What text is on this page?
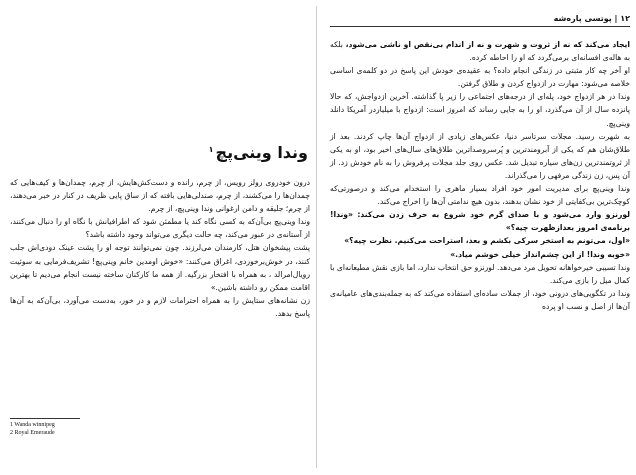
۱۲ | پوتسی پاره‌شه

ایجاد می‌کند که نه از ثروت و شهرت و نه از اندام بی‌نقص او ناشی می‌شود، بلکه به هاله‌ی افسانه‌ای برمی‌گردد که او را احاطه کرده.

او آخر چه کار مثبتی در زندگی انجام داده؟ به عقیده‌ی خودش این پاسخ در دو کلمه‌ی اساسی خلاصه می‌شود: مهارت در ازدواج کردن و طلاق گرفتن.

وندا در هر ازدواج خود، پله‌ای از درجه‌های اجتماعی را زیر پا گذاشته. آخرین ازدواجش، که حالا پانزده سال از آن می‌گذرد، او را به جایی رساند که امروز است: ازدواج با میلیاردر آمریکا دانلد وینی‌پچ.

به شهرت رسید. مجلات سرتاسر دنیا، عکس‌های زیادی از ازدواج آن‌ها چاپ کردند. بعد از طلاق‌شان هم که یکی از آبرومندترین و پُرسروصداترین طلاق‌های سال‌های اخیر بود، او به یکی از ثروتمندترین زن‌های سیاره تبدیل شد. عکس روی جلد مجلات پرفروش را به نام خودش زد. از آن پس، زن زندگی مرفهی را می‌گذراند.

وندا وینی‌پچ برای مدیریت امور خود افراد بسیار ماهری را استخدام می‌کند و درصورتی‌که کوچک‌ترین بی‌کفایتی از خود نشان بدهند، بدون هیچ ندامتی آن‌ها را اخراج می‌کند.

لورنزو وارد می‌شود و با صدای گرم خود شروع به حرف زدن می‌کند: «وندا! برنامه‌ی امروز بعدازظهرت چیه؟»

«اول، می‌تونم به استخر سرکی بکشم و بعد، استراحت می‌کنیم. نظرت چیه؟»

«خوبه وندا! از این چشم‌انداز خیلی خوشم میاد.»

وندا تسیبی خیرخواهانه تحویل مرد می‌دهد. لورنزو حق انتخاب ندارد، اما بازی نقش مطیعانه‌ای با کمال میل را بازی می‌کند.

وندا در تکگویی‌های درونی خود، از جملات ساده‌ای استفاده می‌کند که به جمله‌بندی‌های عامیانه‌ی آن‌ها از اصل و نسب او پرده

وندا وینی‌پچ$^۱$

درون خودروی رولز رویس، از چرم، رانده و دست‌کش‌هایش، از چرم، چمدان‌ها و کیف‌هایی که چمدان‌ها را می‌کشند، از چرم، صندلی‌هایی بافته که از ساق پایی ظریف در کنار در خبر می‌دهند، از چرم؛ جلیقه و دامن ارغوانی وندا وینی‌پچ، از چرم.

وندا وینی‌پچ بی‌آن‌که به کسی نگاه کند یا مطمئن شود که اطرافیانش با نگاه او را دنبال می‌کنند، از آستانه‌ی در عبور می‌کند، چه حالت دیگری می‌تواند وجود داشته باشد؟

پشت پیشخوان هتل، کارمندان می‌لرزند. چون نمی‌توانند توجه او را پشت عینک دودی‌اش جلب کنند، در خوش‌برخوردی، اغراق می‌کنند: «خوش اومدین خانم وینی‌پچ! تشریف‌فرمایی به سوئیت رویال‌امرالد ، به همراه با افتخار بزرگیه. از همه ما کارکنان ساخته نیست انجام می‌دیم تا بهترین اقامت ممکن رو داشته باشین.»

زن نشانه‌های ستایش را به همراه احترامات لازم و در خور، به‌دست می‌آورد، بی‌آن‌که به آن‌ها پاسخ بدهد.

1 Wanda winnipeg
2 Royal Emeraude
